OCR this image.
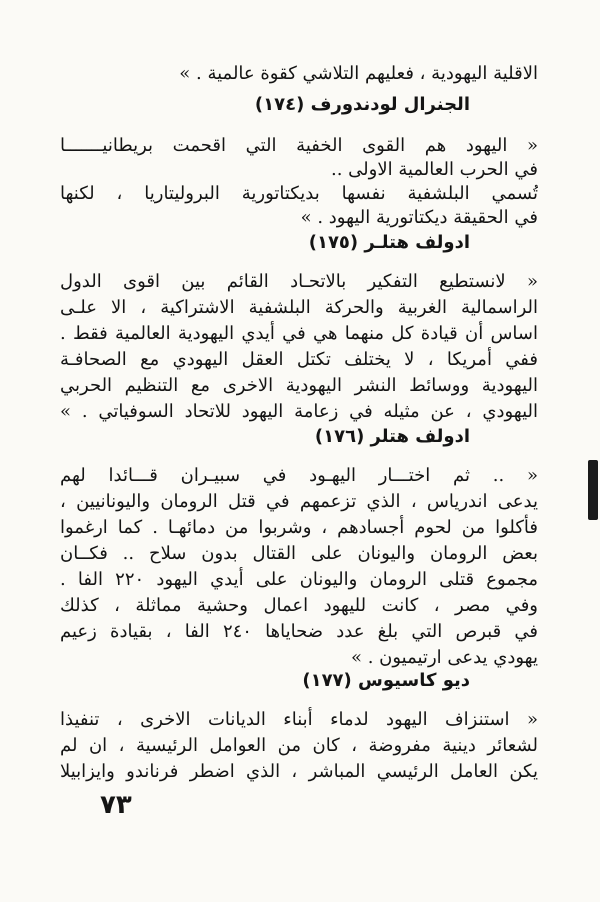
الاقلية اليهودية ، فعليهم التلاشي كقوة عالمية . »
الجنرال لودندورف (١٧٤)
« اليهود هم القوى الخفية التي اقحمت بريطانيـــــــا
في الحرب العالمية الاولى ..
تُسمي البلشفية نفسها بديكتاتورية البروليتاريا ، لكنها
في الحقيقة ديكتاتورية اليهود . »
ادولف هتلـر (١٧٥)
« لانستطيع التفكير بالاتحـاد القائم بين اقوى الدول
الراسمالية الغربية والحركة البلشفية الاشتراكية ، الا علـى
اساس أن قيادة كل منهما هي في أيدي اليهودية العالمية فقط .
ففي أمريكا ، لا يختلف تكتل العقل اليهودي مع الصحافـة
اليهودية ووسائط النشر اليهودية الاخرى مع التنظيم الحربي
اليهودي ، عن مثيله في زعامة اليهود للاتحاد السوفياتي . »
ادولف هتلر (١٧٦)
« .. ثم اختـــار اليهـود في سبيـران قـــائدا لهم
يدعى اندرياس ، الذي تزعمهم في قتل الرومان واليونانيين ،
فأكلوا من لحوم أجسادهم ، وشربوا من دمائهـا . كما ارغموا
بعض الرومان واليونان على القتال بدون سلاح .. فكــان
مجموع قتلى الرومان واليونان على أيدي اليهود ٢٢٠ الفا .
وفي مصر ، كانت لليهود اعمال وحشية مماثلة ، كذلك
في قبرص التي بلغ عدد ضحاياها ٢٤٠ الفا ، بقيادة زعيم
يهودي يدعى ارتيميون . »
ديو كاسيوس (١٧٧)
« استنزاف اليهود لدماء أبناء الديانات الاخرى ، تنفيذا
لشعائر دينية مفروضة ، كان من العوامل الرئيسية ، ان لم
يكن العامل الرئيسي المباشر ، الذي اضطر فرناندو وايزابيلا
٧٣
